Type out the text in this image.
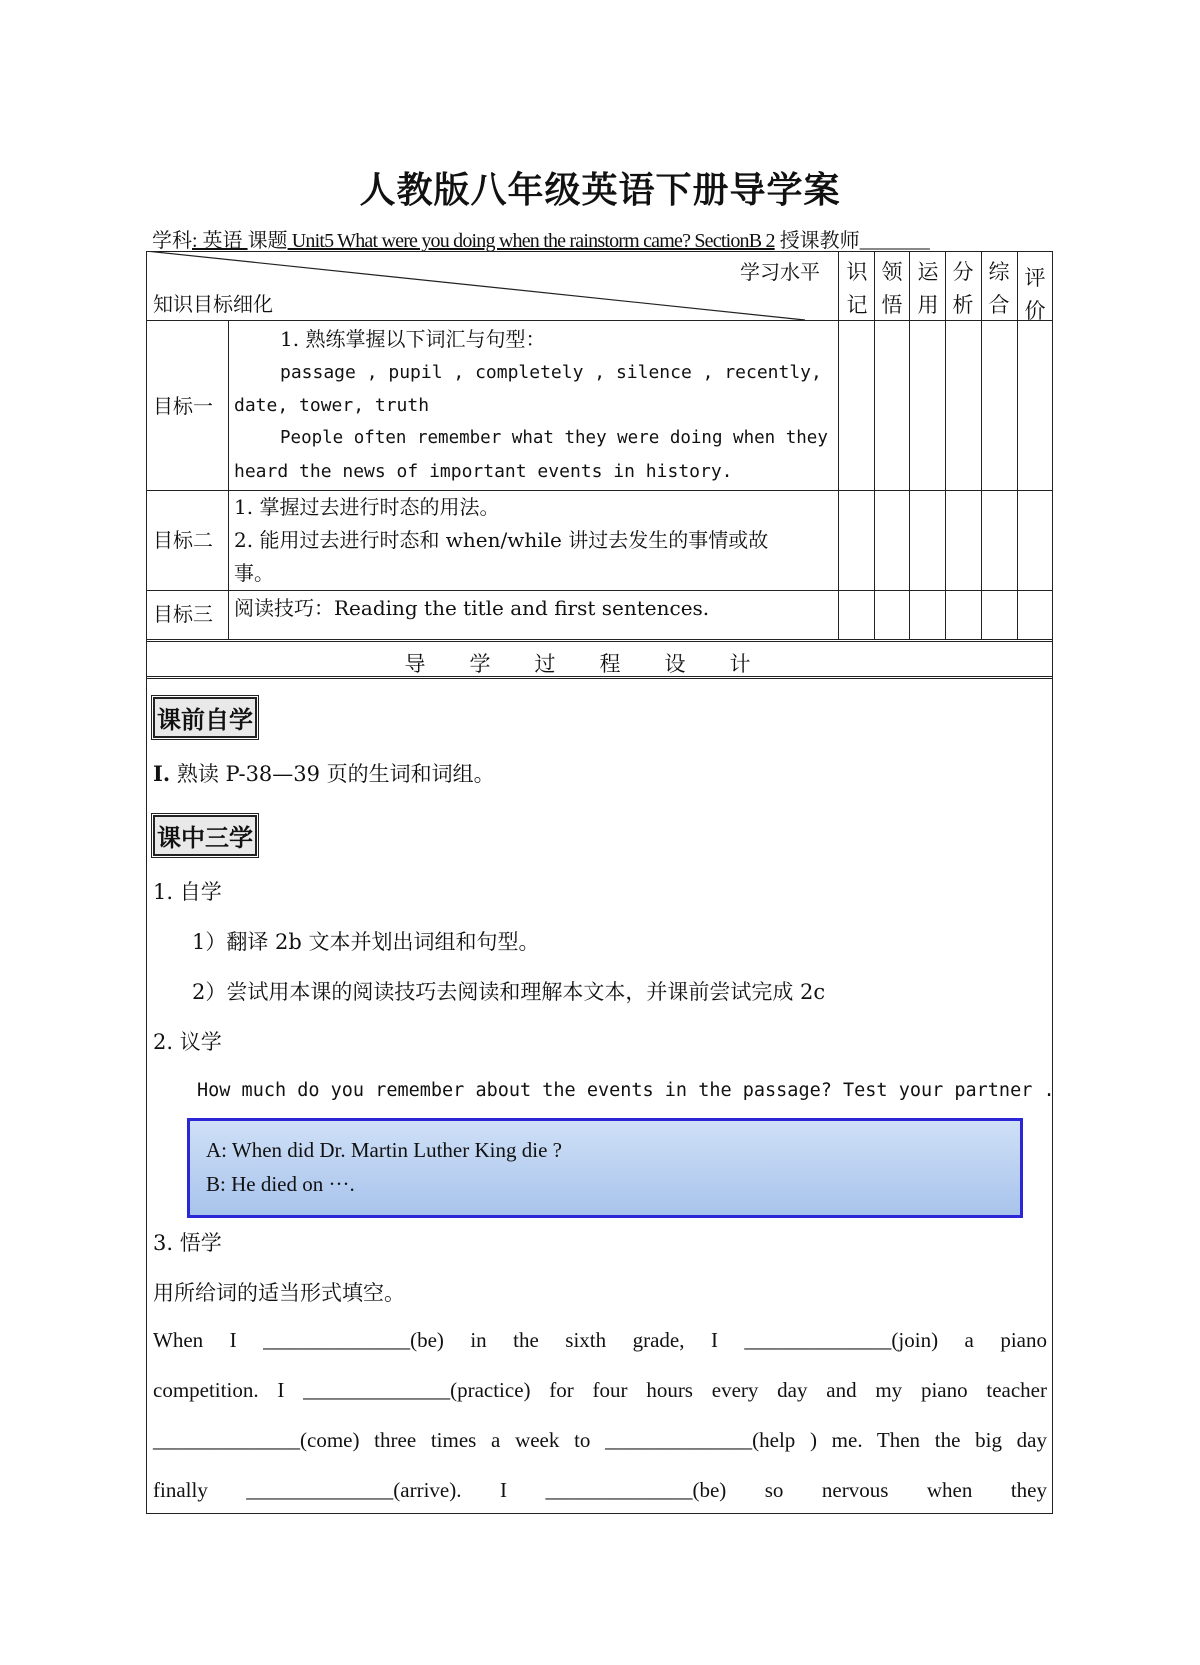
人教版八年级英语下册导学案
学科: 英语 课题 Unit5 What were you doing when the rainstorm came? SectionB 2 授课教师_______
学习水平
知识目标细化
识
记
领
悟
运
用
分
析
综
合
评
价
目标一
1. 熟练掌握以下词汇与句型：
passage , pupil , completely , silence , recently,
date, tower, truth
People often remember what they were doing when they
heard the news of important events in history.
目标二
1. 掌握过去进行时态的用法。
2. 能用过去进行时态和 when/while 讲过去发生的事情或故
事。
目标三 阅读技巧：Reading the title and first sentences.
导学过程设计
课前自学
I. 熟读 P-38—39 页的生词和词组。
课中三学
1. 自学
1）翻译 2b 文本并划出词组和句型。
2）尝试用本课的阅读技巧去阅读和理解本文本，并课前尝试完成 2c
2. 议学
How much do you remember about the events in the passage? Test your partner .
A: When did Dr. Martin Luther King die ?
B: He died on ···.
3. 悟学
用所给词的适当形式填空。
When I ______________(be) in the sixth grade, I ______________(join) a piano
competition. I ______________(practice) for four hours every day and my piano teacher
______________(come) three times a week to ______________(help ) me. Then the big day
finally ______________(arrive). I ______________(be) so nervous when they
